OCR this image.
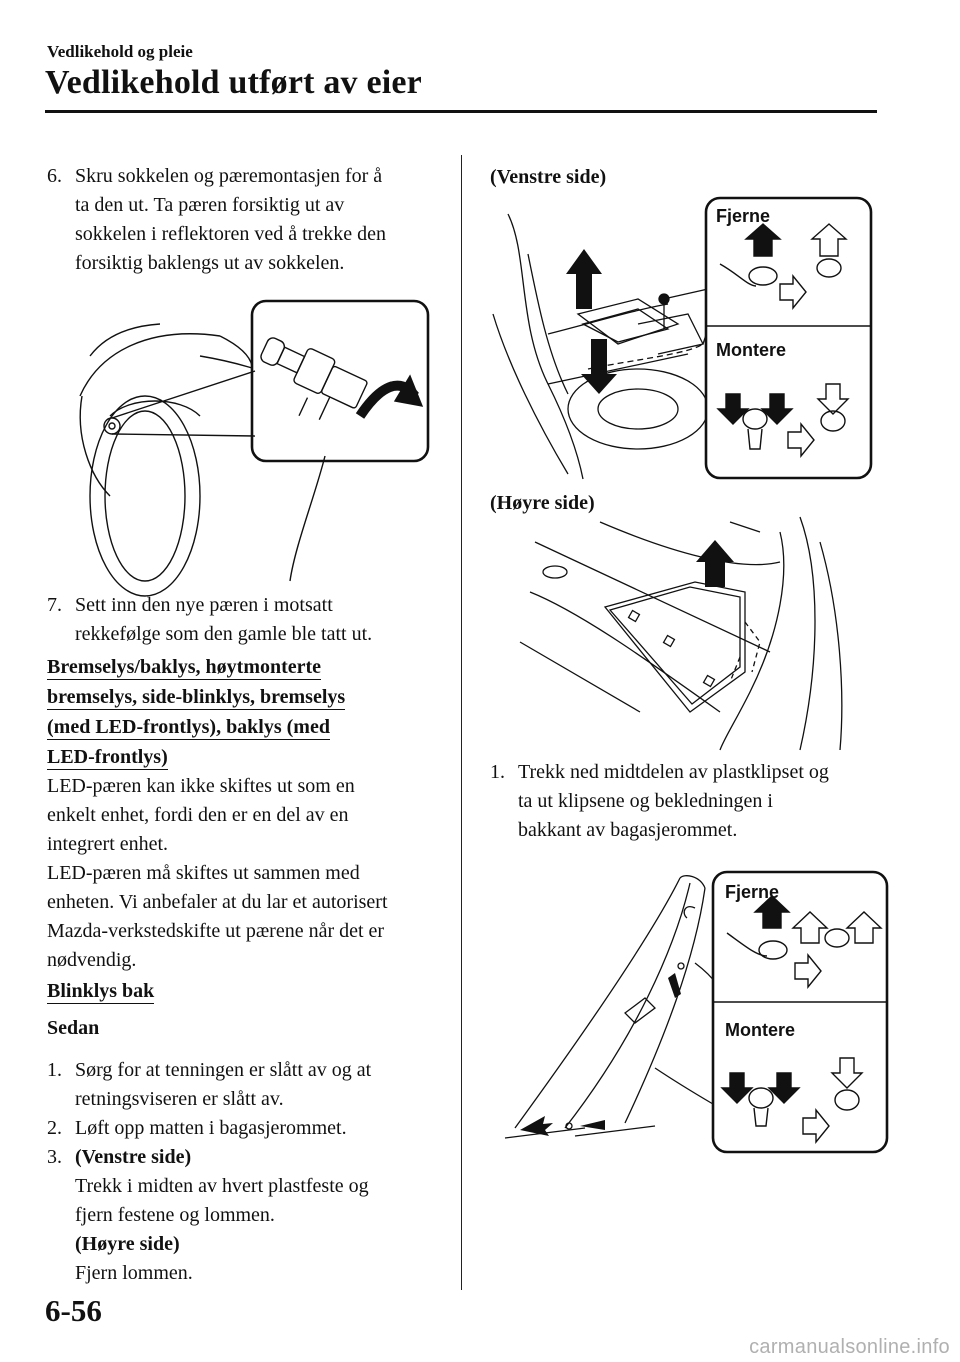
Vedlikehold og pleie
Vedlikehold utført av eier
6. Skru sokkelen og pæremontasjen for å
ta den ut. Ta pæren forsiktig ut av
sokkelen i reflektoren ved å trekke den
forsiktig baklengs ut av sokkelen.
7. Sett inn den nye pæren i motsatt
rekkefølge som den gamle ble tatt ut.
Bremselys/baklys, høytmonterte
bremselys, side-blinklys, bremselys
(med LED-frontlys), baklys (med
LED-frontlys)
LED-pæren kan ikke skiftes ut som en
enkelt enhet, fordi den er en del av en
integrert enhet.
LED-pæren må skiftes ut sammen med
enheten. Vi anbefaler at du lar et autorisert
Mazda-verkstedskifte ut pærene når det er
nødvendig.
Blinklys bak
Sedan
1. Sørg for at tenningen er slått av og at
retningsviseren er slått av.
2. Løft opp matten i bagasjerommet.
3. (Venstre side)
Trekk i midten av hvert plastfeste og
fjern festene og lommen.
(Høyre side)
Fjern lommen.
(Venstre side)
Fjerne
Montere
(Høyre side)
1. Trekk ned midtdelen av plastklipset og
ta ut klipsene og bekledningen i
bakkant av bagasjerommet.
Fjerne
Montere
6-56
carmanualsonline.info
